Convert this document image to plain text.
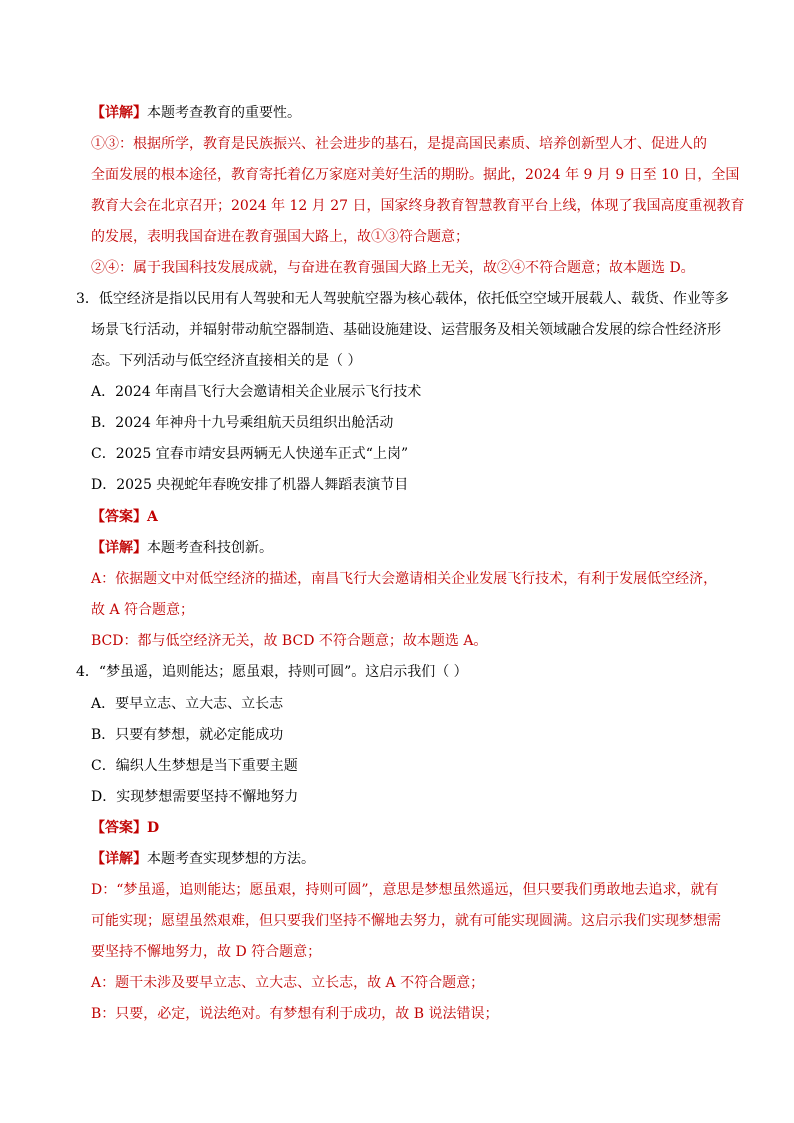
【详解】本题考查教育的重要性。
①③：根据所学，教育是民族振兴、社会进步的基石，是提高国民素质、培养创新型人才、促进人的
全面发展的根本途径，教育寄托着亿万家庭对美好生活的期盼。据此，2024 年 9 月 9 日至 10 日，全国
教育大会在北京召开；2024 年 12 月 27 日，国家终身教育智慧教育平台上线，体现了我国高度重视教育
的发展，表明我国奋进在教育强国大路上，故①③符合题意；
②④：属于我国科技发展成就，与奋进在教育强国大路上无关，故②④不符合题意；故本题选 D。
3．低空经济是指以民用有人驾驶和无人驾驶航空器为核心载体，依托低空空域开展载人、载货、作业等多
场景飞行活动，并辐射带动航空器制造、基础设施建设、运营服务及相关领域融合发展的综合性经济形
态。下列活动与低空经济直接相关的是（ ）
A．2024 年南昌飞行大会邀请相关企业展示飞行技术
B．2024 年神舟十九号乘组航天员组织出舱活动
C．2025 宜春市靖安县两辆无人快递车正式“上岗”
D．2025 央视蛇年春晚安排了机器人舞蹈表演节目
【答案】A
【详解】本题考查科技创新。
A：依据题文中对低空经济的描述，南昌飞行大会邀请相关企业发展飞行技术，有利于发展低空经济，
故 A 符合题意；
BCD：都与低空经济无关，故 BCD 不符合题意；故本题选 A。
4．“梦虽遥，追则能达；愿虽艰，持则可圆”。这启示我们（ ）
A．要早立志、立大志、立长志
B．只要有梦想，就必定能成功
C．编织人生梦想是当下重要主题
D．实现梦想需要坚持不懈地努力
【答案】D
【详解】本题考查实现梦想的方法。
D：“梦虽遥，追则能达；愿虽艰，持则可圆”，意思是梦想虽然遥远，但只要我们勇敢地去追求，就有
可能实现；愿望虽然艰难，但只要我们坚持不懈地去努力，就有可能实现圆满。这启示我们实现梦想需
要坚持不懈地努力，故 D 符合题意；
A：题干未涉及要早立志、立大志、立长志，故 A 不符合题意；
B：只要，必定，说法绝对。有梦想有利于成功，故 B 说法错误；
